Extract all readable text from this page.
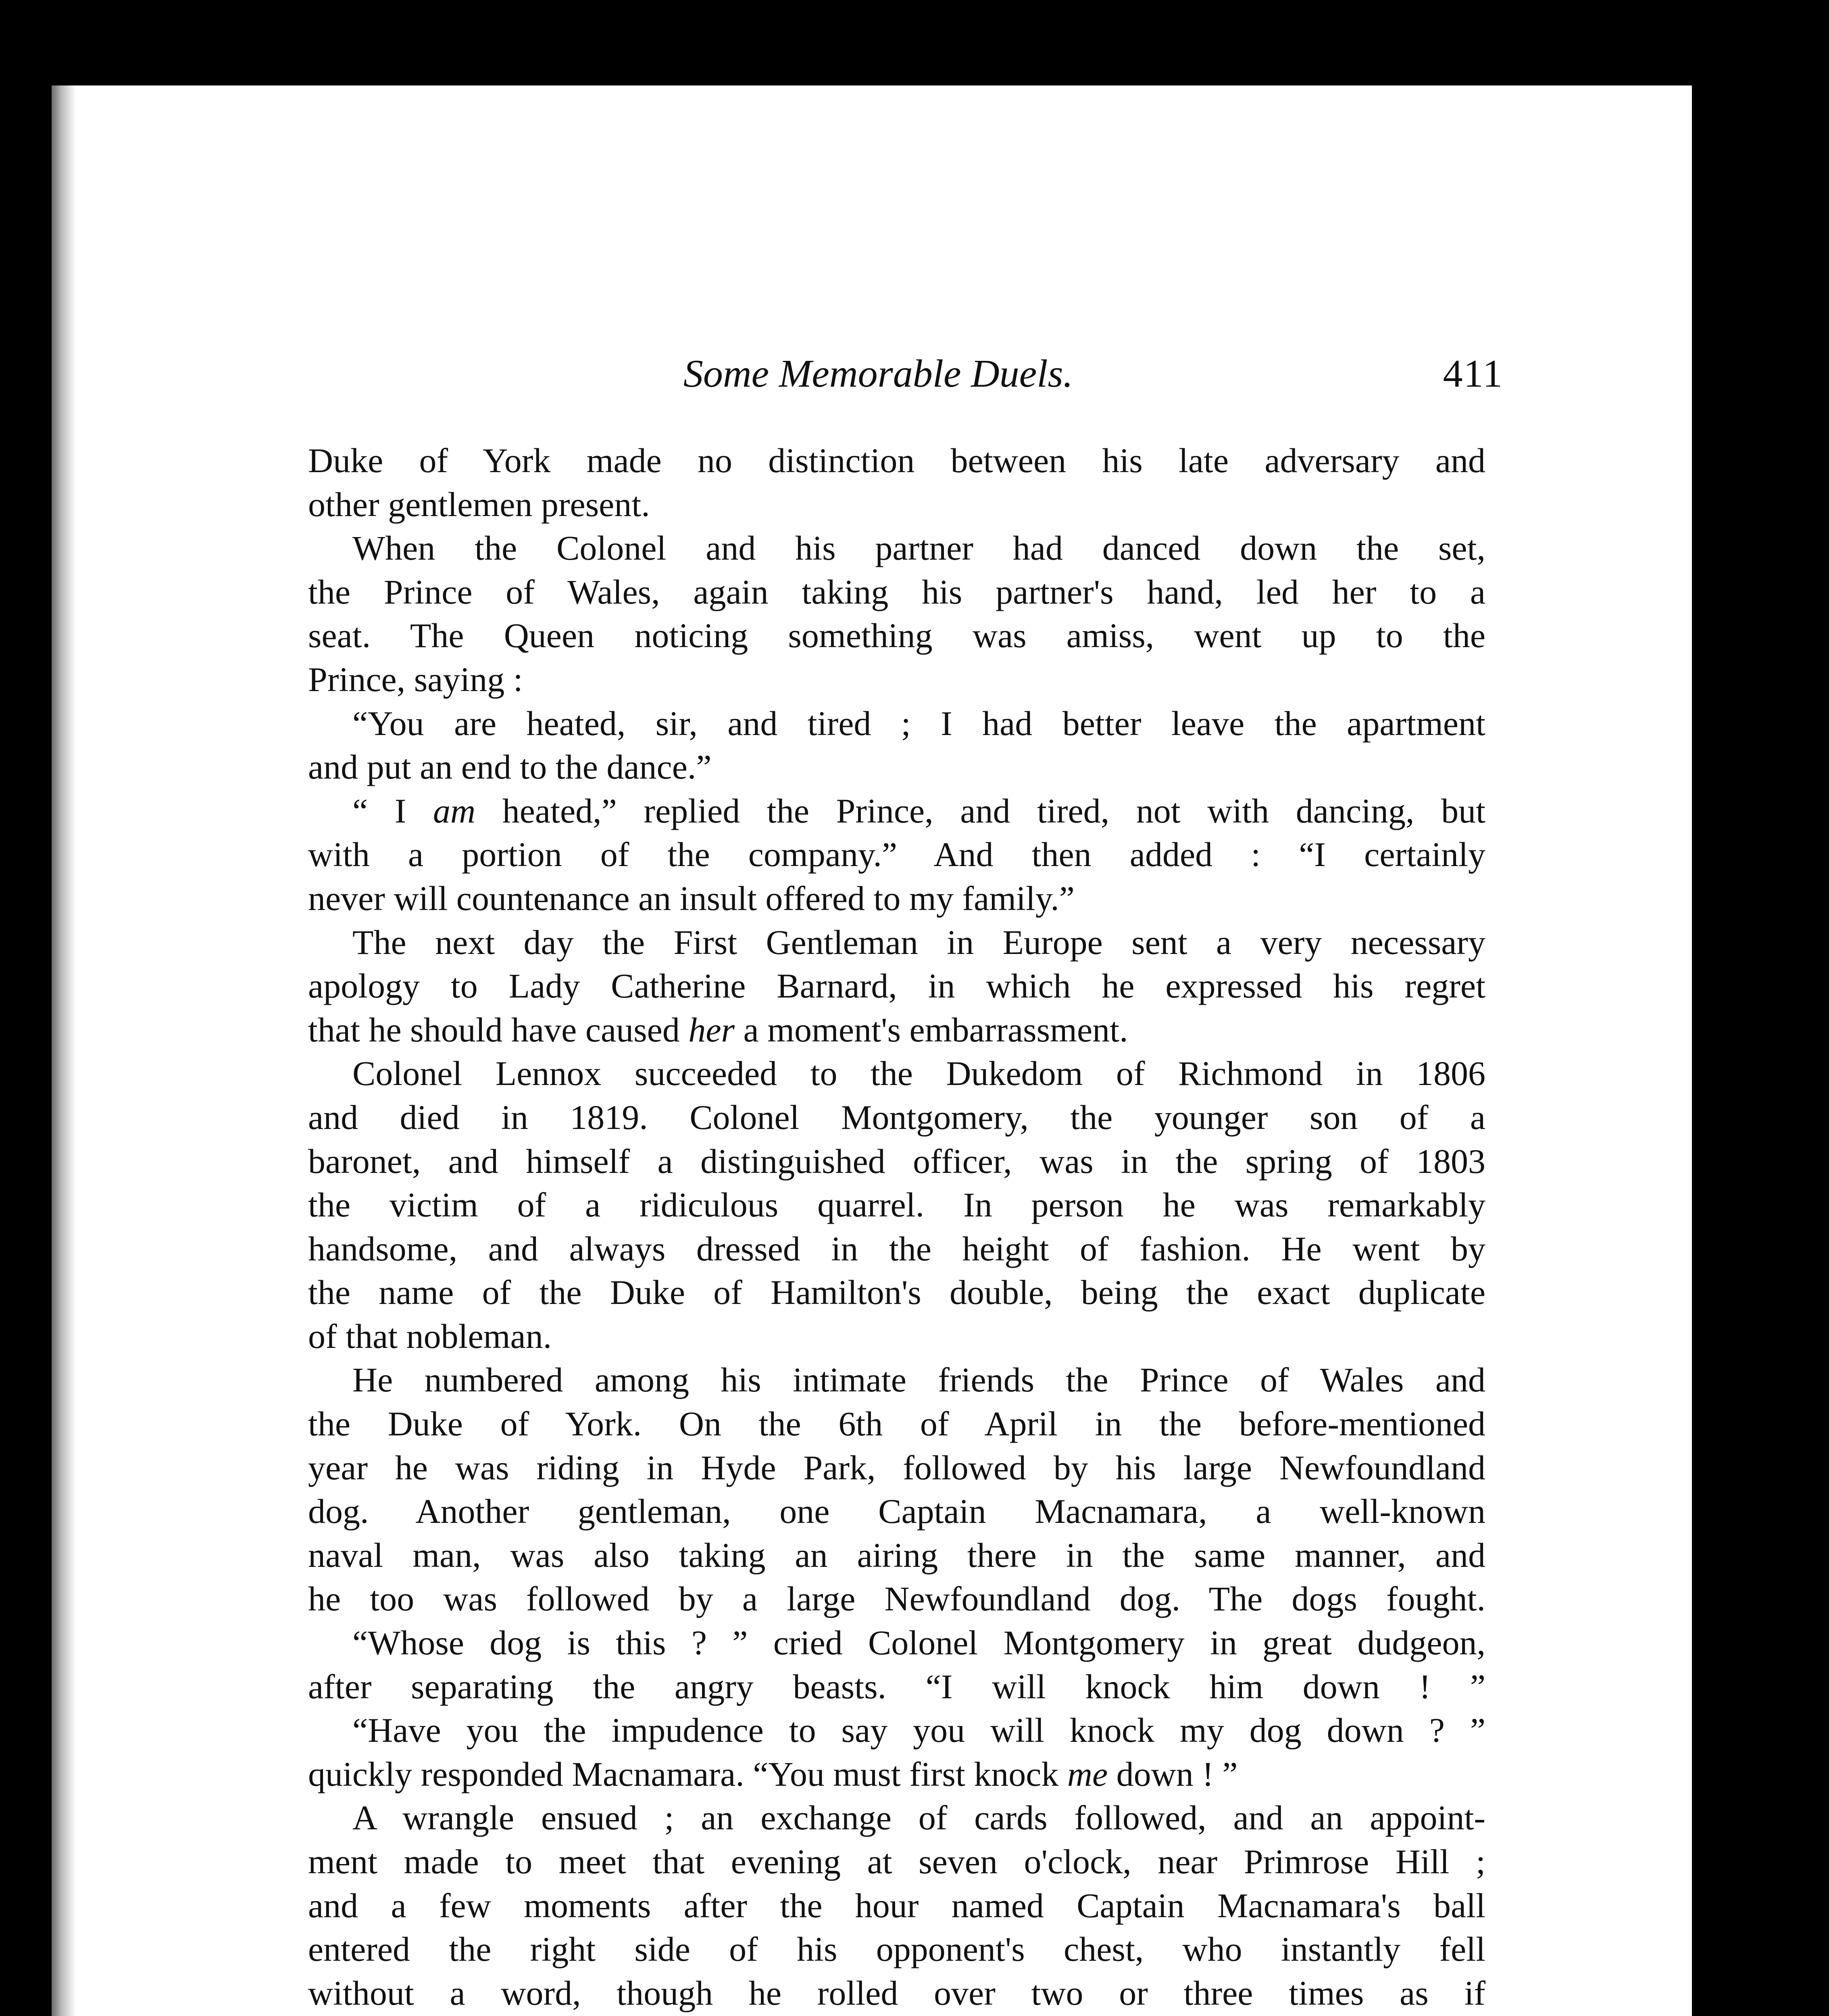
Some Memorable Duels.	411
Duke of York made no distinction between his late adversary and
other gentlemen present.
When the Colonel and his partner had danced down the set,
the Prince of Wales, again taking his partner's hand, led her to a
seat. The Queen noticing something was amiss, went up to the
Prince, saying :
“You are heated, sir, and tired ; I had better leave the apartment
and put an end to the dance.”
“ I am heated,” replied the Prince, and tired, not with dancing, but
with a portion of the company.” And then added : “I certainly
never will countenance an insult offered to my family.”
The next day the First Gentleman in Europe sent a very necessary
apology to Lady Catherine Barnard, in which he expressed his regret
that he should have caused her a moment's embarrassment.
Colonel Lennox succeeded to the Dukedom of Richmond in 1806
and died in 1819. Colonel Montgomery, the younger son of a
baronet, and himself a distinguished officer, was in the spring of 1803
the victim of a ridiculous quarrel. In person he was remarkably
handsome, and always dressed in the height of fashion. He went by
the name of the Duke of Hamilton's double, being the exact duplicate
of that nobleman.
He numbered among his intimate friends the Prince of Wales and
the Duke of York. On the 6th of April in the before-mentioned
year he was riding in Hyde Park, followed by his large Newfoundland
dog. Another gentleman, one Captain Macnamara, a well-known
naval man, was also taking an airing there in the same manner, and
he too was followed by a large Newfoundland dog. The dogs fought.
“Whose dog is this ? ” cried Colonel Montgomery in great dudgeon,
after separating the angry beasts. “I will knock him down ! ”
“Have you the impudence to say you will knock my dog down ? ”
quickly responded Macnamara. “You must first knock me down ! ”
A wrangle ensued ; an exchange of cards followed, and an appoint-
ment made to meet that evening at seven o'clock, near Primrose Hill ;
and a few moments after the hour named Captain Macnamara's ball
entered the right side of his opponent's chest, who instantly fell
without a word, though he rolled over two or three times as if
